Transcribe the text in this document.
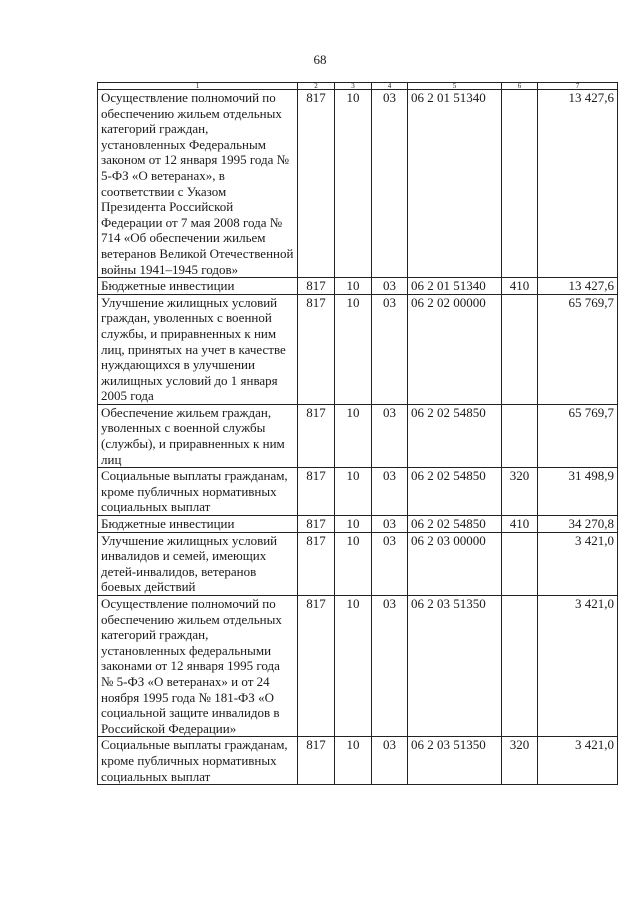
68
1	2	3	4	5	6	7
Осуществление полномочий по обеспечению жильем отдельных категорий граждан, установленных Федеральным законом от 12 января 1995 года № 5-ФЗ «О ветеранах», в соответствии с Указом Президента Российской Федерации от 7 мая 2008 года № 714 «Об обеспечении жильем ветеранов Великой Отечественной войны 1941–1945 годов»	817	10	03	06 2 01 51340		13 427,6
Бюджетные инвестиции	817	10	03	06 2 01 51340	410	13 427,6
Улучшение жилищных условий граждан, уволенных с военной службы, и приравненных к ним лиц, принятых на учет в качестве нуждающихся в улучшении жилищных условий до 1 января 2005 года	817	10	03	06 2 02 00000		65 769,7
Обеспечение жильем граждан, уволенных с военной службы (службы), и приравненных к ним лиц	817	10	03	06 2 02 54850		65 769,7
Социальные выплаты гражданам, кроме публичных нормативных социальных выплат	817	10	03	06 2 02 54850	320	31 498,9
Бюджетные инвестиции	817	10	03	06 2 02 54850	410	34 270,8
Улучшение жилищных условий инвалидов и семей, имеющих детей-инвалидов, ветеранов боевых действий	817	10	03	06 2 03 00000		3 421,0
Осуществление полномочий по обеспечению жильем отдельных категорий граждан, установленных федеральными законами от 12 января 1995 года № 5-ФЗ «О ветеранах» и от 24 ноября 1995 года № 181-ФЗ «О социальной защите инвалидов в Российской Федерации»	817	10	03	06 2 03 51350		3 421,0
Социальные выплаты гражданам, кроме публичных нормативных социальных выплат	817	10	03	06 2 03 51350	320	3 421,0
